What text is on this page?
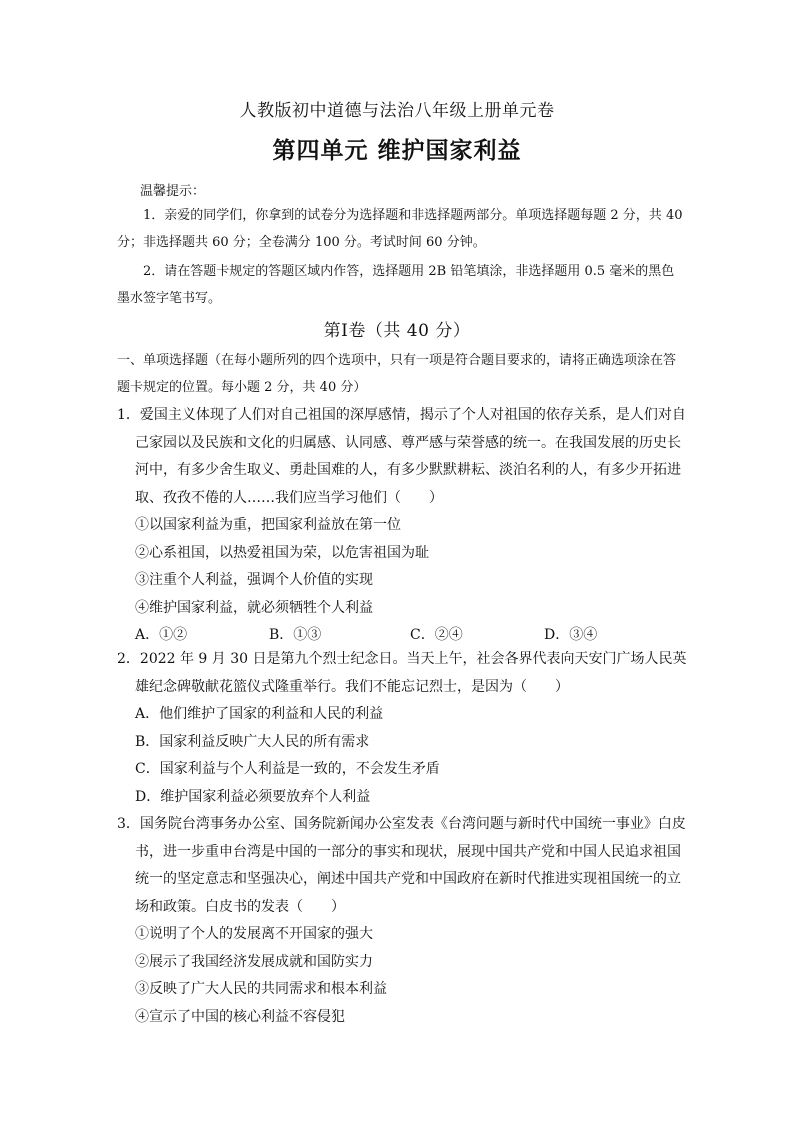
人教版初中道德与法治八年级上册单元卷
第四单元 维护国家利益
温馨提示：
1．亲爱的同学们，你拿到的试卷分为选择题和非选择题两部分。单项选择题每题 2 分，共 40 分；非选择题共 60 分；全卷满分 100 分。考试时间 60 分钟。
2．请在答题卡规定的答题区域内作答，选择题用 2B 铅笔填涂，非选择题用 0.5 毫米的黑色墨水签字笔书写。
第Ⅰ卷（共 40 分）
一、单项选择题（在每小题所列的四个选项中，只有一项是符合题目要求的，请将正确选项涂在答题卡规定的位置。每小题 2 分，共 40 分）

1．爱国主义体现了人们对自己祖国的深厚感情，揭示了个人对祖国的依存关系，是人们对自己家园以及民族和文化的归属感、认同感、尊严感与荣誉感的统一。在我国发展的历史长河中，有多少舍生取义、勇赴国难的人，有多少默默耕耘、淡泊名利的人，有多少开拓进取、孜孜不倦的人……我们应当学习他们（　　）

①以国家利益为重，把国家利益放在第一位

②心系祖国，以热爱祖国为荣，以危害祖国为耻

③注重个人利益，强调个人价值的实现

④维护国家利益，就必须牺牲个人利益

A．①②	B．①③	C．②④	D．③④

2．2022 年 9 月 30 日是第九个烈士纪念日。当天上午，社会各界代表向天安门广场人民英雄纪念碑敬献花篮仪式隆重举行。我们不能忘记烈士，是因为（　　）

A．他们维护了国家的利益和人民的利益

B．国家利益反映广大人民的所有需求

C．国家利益与个人利益是一致的，不会发生矛盾

D．维护国家利益必须要放弃个人利益

3．国务院台湾事务办公室、国务院新闻办公室发表《台湾问题与新时代中国统一事业》白皮书，进一步重申台湾是中国的一部分的事实和现状，展现中国共产党和中国人民追求祖国统一的坚定意志和坚强决心，阐述中国共产党和中国政府在新时代推进实现祖国统一的立场和政策。白皮书的发表（　　）

①说明了个人的发展离不开国家的强大

②展示了我国经济发展成就和国防实力

③反映了广大人民的共同需求和根本利益

④宣示了中国的核心利益不容侵犯
